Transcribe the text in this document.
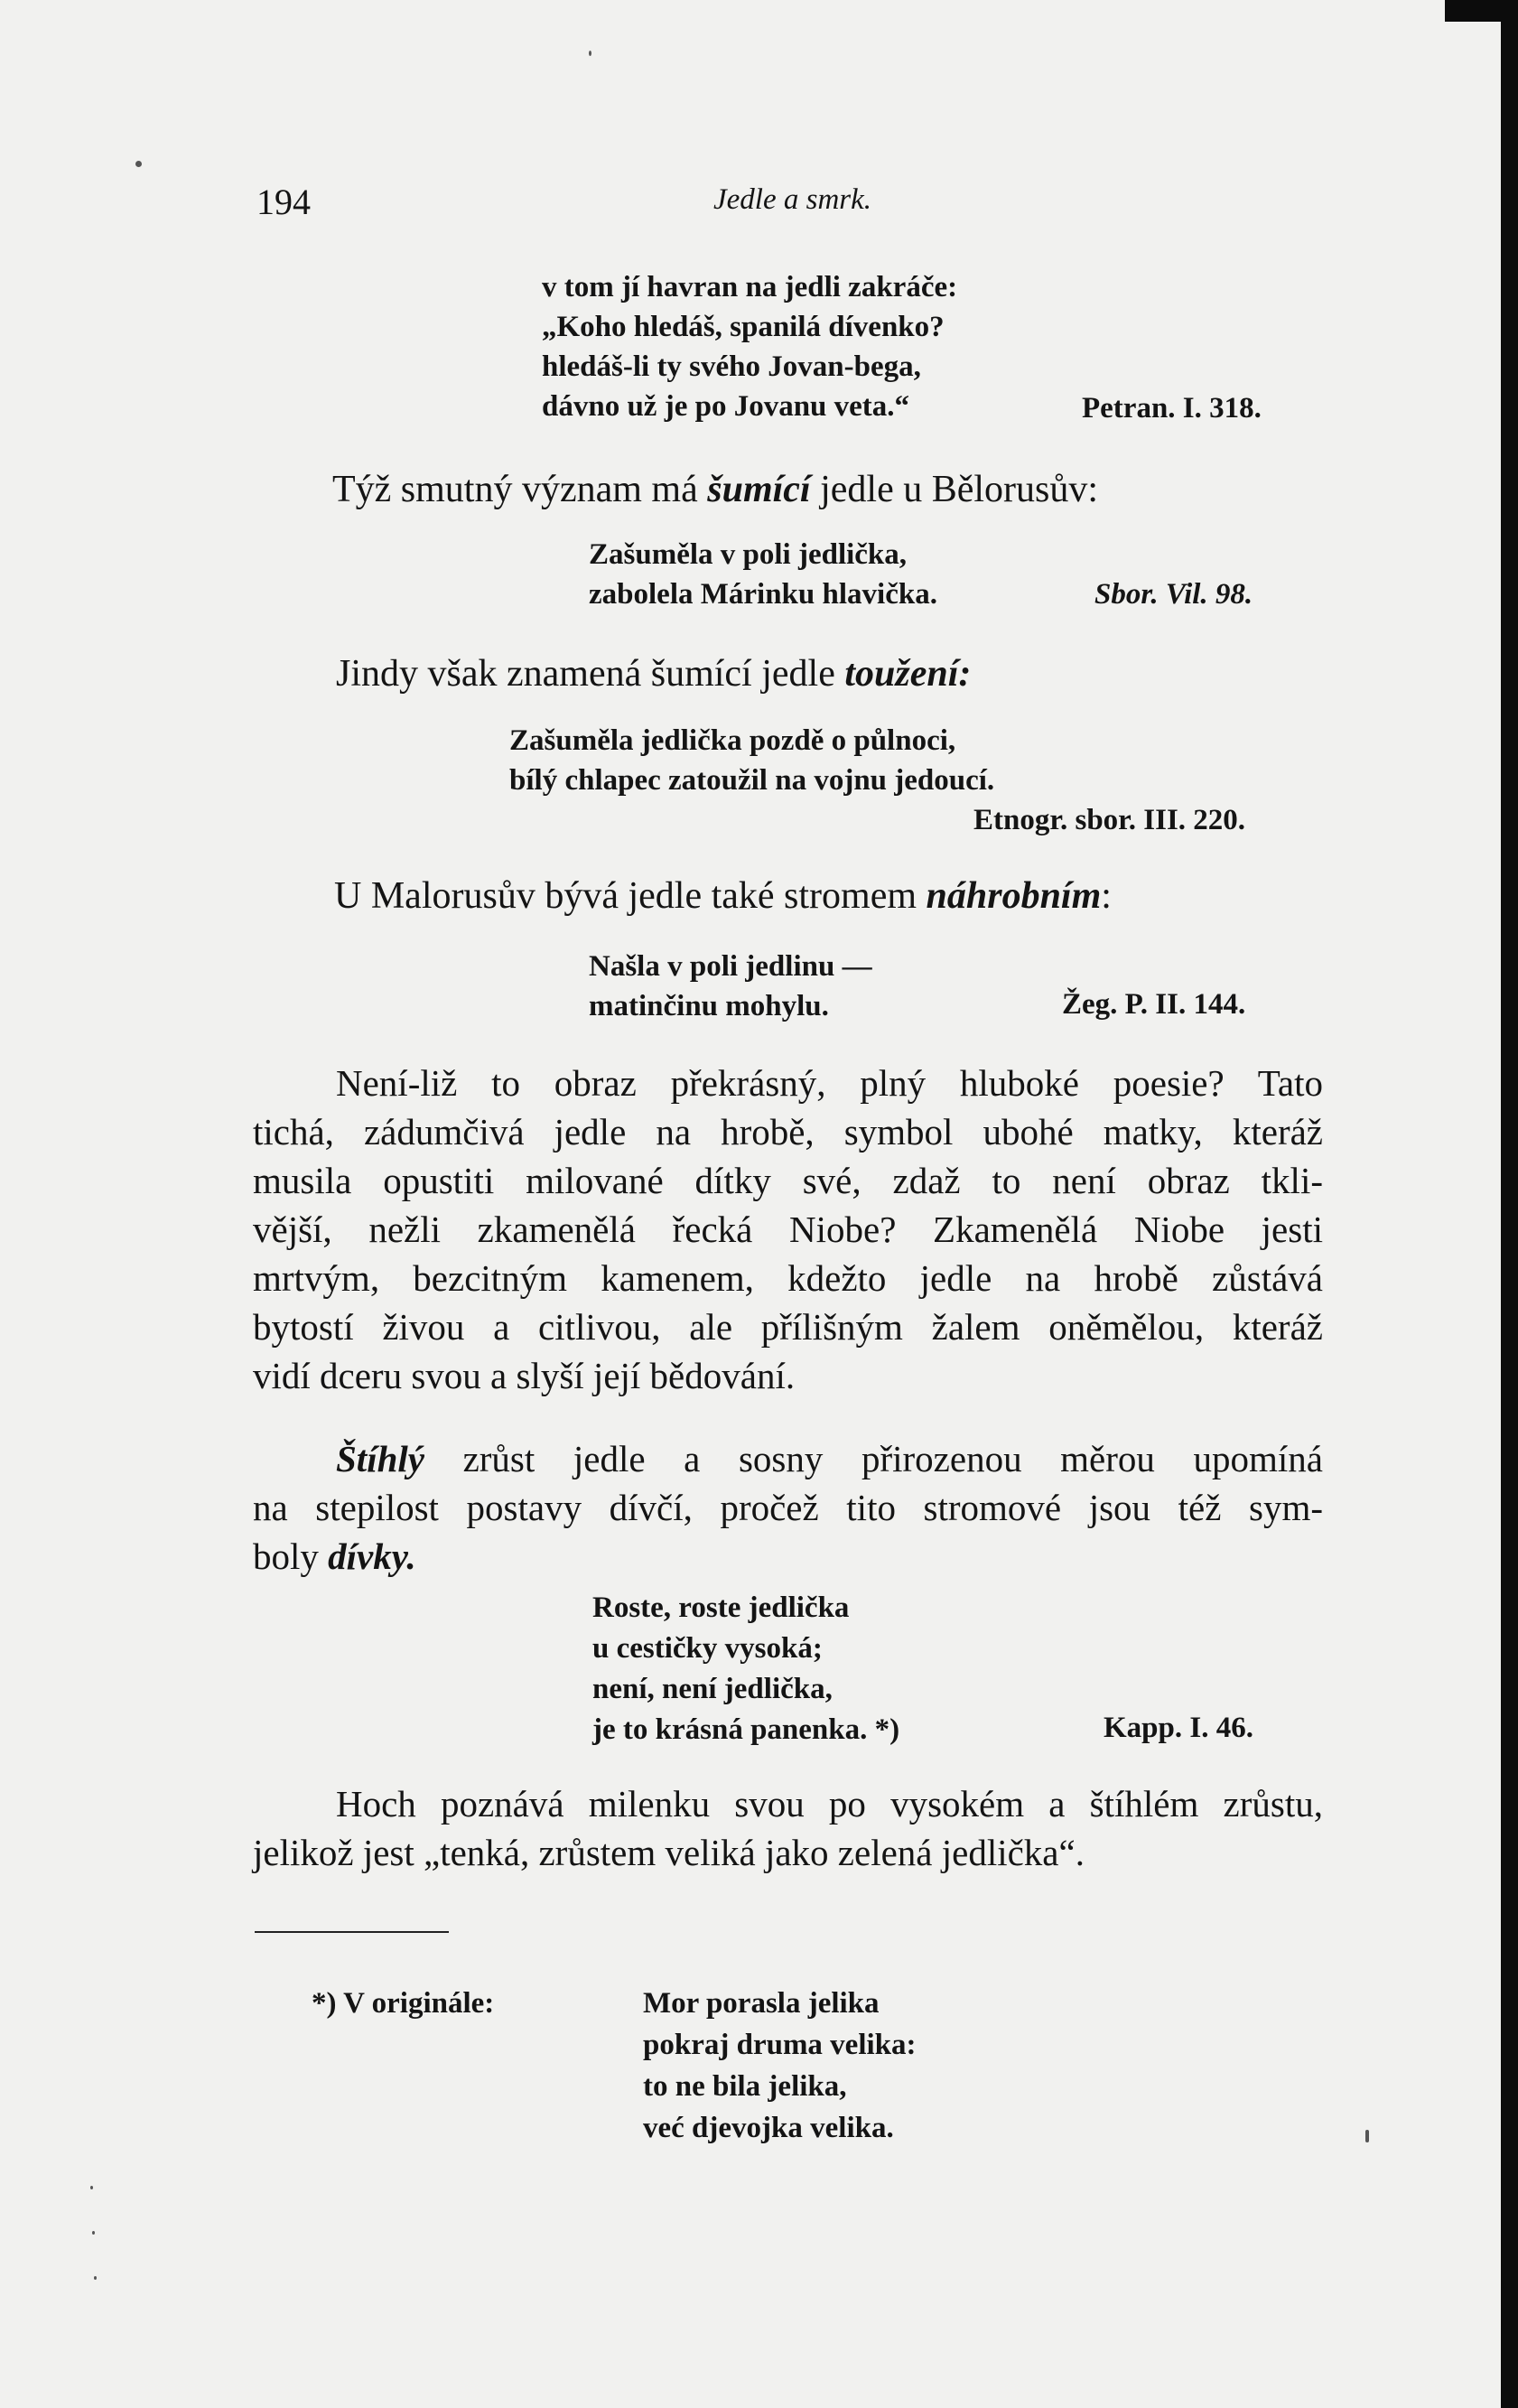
194	Jedle a smrk.
v tom jí havran na jedli zakráče:
„Koho hledáš, spanilá dívenko?
hledáš-li ty svého Jovan-bega,
dávno už je po Jovanu veta.“	Petran. I. 318.
Týž smutný význam má šumící jedle u Bělorusův:
Zašuměla v poli jedlička,
zabolela Márinku hlavička.	Sbor. Vil. 98.
Jindy však znamená šumící jedle toužení:
Zašuměla jedlička pozdě o půlnoci,
bílý chlapec zatoužil na vojnu jedoucí.
Etnogr. sbor. III. 220.
U Malorusův bývá jedle také stromem náhrobním:
Našla v poli jedlinu —
matinčinu mohylu.	Žeg. P. II. 144.
Není-liž to obraz překrásný, plný hluboké poesie? Tato
tichá, zádumčivá jedle na hrobě, symbol ubohé matky, kteráž
musila opustiti milované dítky své, zdaž to není obraz tkli-
vější, nežli zkamenělá řecká Niobe? Zkamenělá Niobe jesti
mrtvým, bezcitným kamenem, kdežto jedle na hrobě zůstává
bytostí živou a citlivou, ale přílišným žalem oněmělou, kteráž
vidí dceru svou a slyší její bědování.
Štíhlý zrůst jedle a sosny přirozenou měrou upomíná
na stepilost postavy dívčí, pročež tito stromové jsou též sym-
boly dívky.
Roste, roste jedlička
u cestičky vysoká;
není, není jedlička,
je to krásná panenka. *)	Kapp. I. 46.
Hoch poznává milenku svou po vysokém a štíhlém zrůstu,
jelikož jest „tenká, zrůstem veliká jako zelená jedlička“.
*) V originále:	Mor porasla jelika
pokraj druma velika:
to ne bila jelika,
već djevojka velika.
